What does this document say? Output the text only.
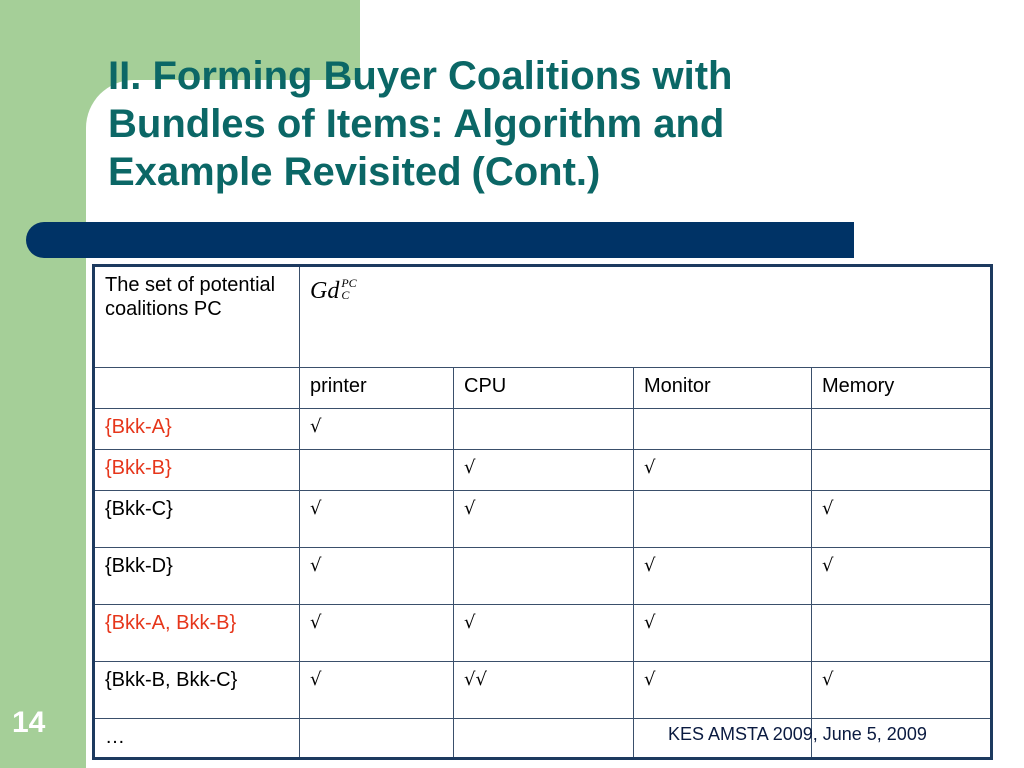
II. Forming Buyer Coalitions with
Bundles of Items: Algorithm and
Example Revisited (Cont.)
The set of potential coalitions PC	Gd PC
C			

	printer	CPU	Monitor	Memory
{Bkk-A}	√			
{Bkk-B}		√	√	
{Bkk-C}	√	√		√
{Bkk-D}	√		√	√
{Bkk-A, Bkk-B}	√	√	√	
{Bkk-B, Bkk-C}	√	√√	√	√
…				
14	KES AMSTA 2009, June 5, 2009
